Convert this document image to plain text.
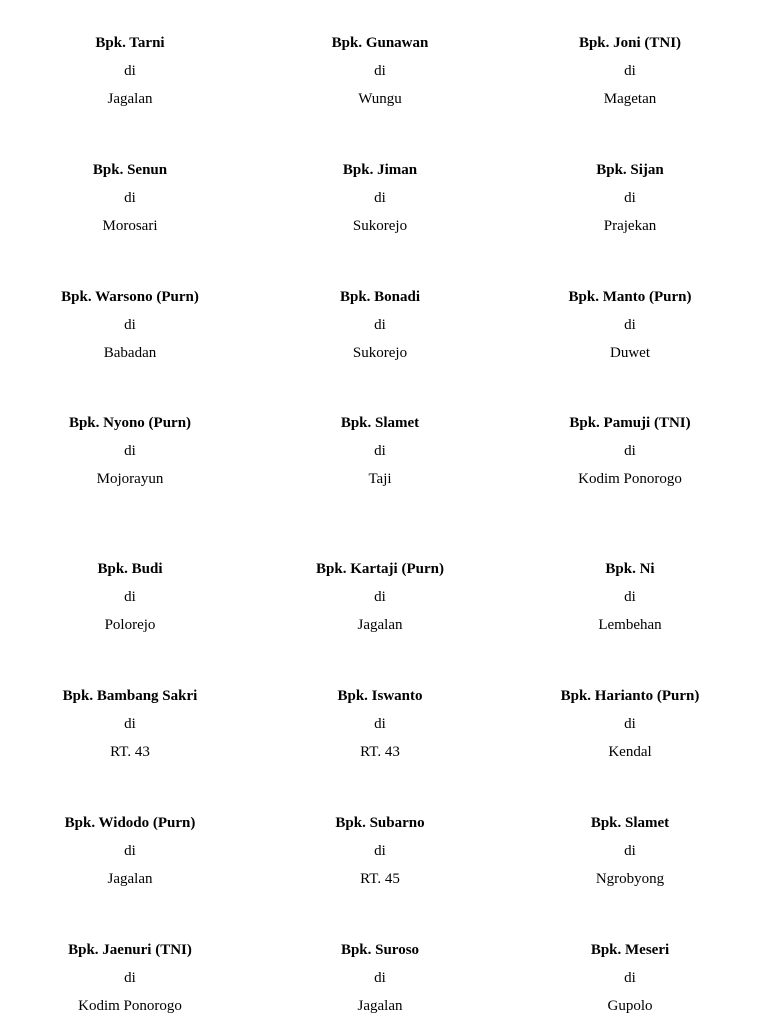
Bpk. Tarni
di
Jagalan
Bpk. Gunawan
di
Wungu
Bpk. Joni (TNI)
di
Magetan
Bpk. Senun
di
Morosari
Bpk. Jiman
di
Sukorejo
Bpk. Sijan
di
Prajekan
Bpk. Warsono (Purn)
di
Babadan
Bpk. Bonadi
di
Sukorejo
Bpk. Manto (Purn)
di
Duwet
Bpk. Nyono (Purn)
di
Mojorayun
Bpk. Slamet
di
Taji
Bpk. Pamuji (TNI)
di
Kodim Ponorogo
Bpk. Budi
di
Polorejo
Bpk. Kartaji (Purn)
di
Jagalan
Bpk. Ni
di
Lembehan
Bpk. Bambang Sakri
di
RT. 43
Bpk. Iswanto
di
RT. 43
Bpk. Harianto (Purn)
di
Kendal
Bpk. Widodo (Purn)
di
Jagalan
Bpk. Subarno
di
RT. 45
Bpk. Slamet
di
Ngrobyong
Bpk. Jaenuri (TNI)
di
Kodim Ponorogo
Bpk. Suroso
di
Jagalan
Bpk. Meseri
di
Gupolo
